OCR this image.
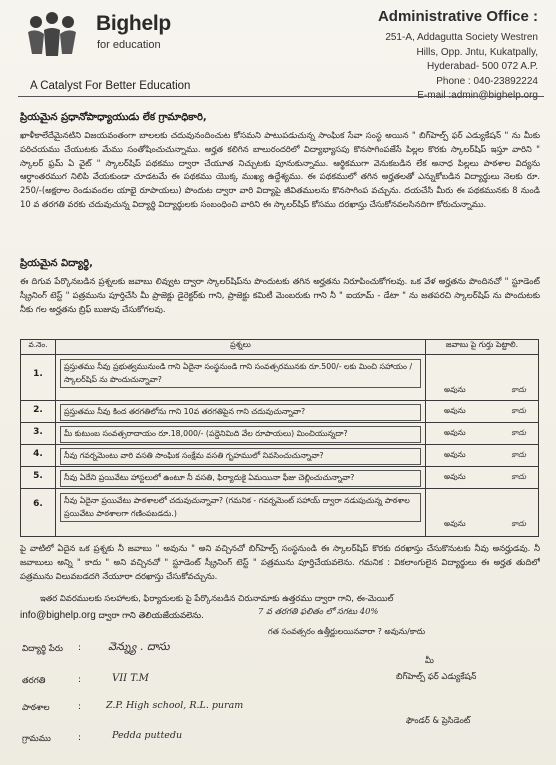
Bighelp
for education
A Catalyst For Better Education
Administrative Office :
251-A, Addagutta Society Westren
Hills, Opp. Jntu, Kukatpally,
Hyderabad- 500 072 A.P.
Phone : 040-23892224
E-mail :admin@bighelp.org
ప్రియమైన ప్రధానోపాధ్యాయుడు లేక గ్రామాధికారి,
ఖాళీకాలేదేమైనటిని విజయవంతంగా బాలలకు చదువునందించుట కోసమని పాటుపడుచున్న సాంఘిక సేవా సంస్థ అయిన " బిగ్‌హెల్ప్ ఫర్ ఎడ్యుకేషన్ " ను మీకు పరిచయము చేయుటకు మేము సంతోషించుచున్నాము. అర్హత కలిగిన బాలురందరిలో విద్యాభ్యాసపు కొనసాగింపజేసే పిల్లల కొరకు స్కాలర్‌షిప్ ఇస్తూ వారిని " స్కాలర్ ఫ్రమ్ ఏ వైట్ " స్కాలర్‌షిప్ పథకము ద్వారా చేయూత నిచ్చుటకు పూనుకున్నాము. ఆర్థికముగా వెనుకబడిన లేక అనాధ పిల్లలు పాఠశాల విద్యను ఆర్ధాంతరముగ నిలిపి వేయకుండా చూడటమే ఈ పథకము యొక్క ముఖ్య ఉద్దేశ్యము. ఈ పథకములో తగిన అర్హతలతో ఎన్నుకోబడిన విద్యార్థులు నెలకు రూ. 250/-(అక్షరాల రెండువందల యాభై రూపాయలు) పొందుట ద్వారా వారి విద్యాపై జీవితములను కొనసాగింప వచ్చును. దయచేసి మీరు ఈ పథకమునకు 8 నుండి 10 వ తరగతి వరకు చదువుచున్న విద్యార్థి విద్యార్థులకు సంబంధించి వారిని ఈ స్కాలర్‌షిప్ కోసము దరఖాస్తు చేసుకోనవలసినదిగా కోరుచున్నాము.
ప్రియమైన విద్యార్థి,
ఈ దిగువ పేర్కొనబడిన ప్రశ్నలకు జవాబు లివ్వుట ద్వారా స్కాలర్‌షిప్‌ను పొందుటకు తగిన అర్హతను నిరూపించుకోగలవు. ఒక వేళ అర్హతను పొందినచో " స్టూడెంట్ స్క్రీనింగ్ టెస్ట్ " పత్రమును పూర్తిచేసి మీ ప్రాజెక్టు డైరెక్టర్‌కు గాని, ప్రాజెక్టు కమిటీ మెంబరుకు గాని నీ " ఐయామ్ - డేటా " ను జతపరచి స్కాలర్‌షిప్ ను పొందుటకు నీకు గల అర్హతను బ్రిఫ్ బుజువు చేసుకోగలవు.
వ.నెం.	ప్రశ్నలు	జవాబు పై గుర్తు పెట్టాలి.
1.	ప్రస్తుతము నీవు ప్రభుత్వమునుండి గాని ఏదైనా సంస్థనుండి గాని సంవత్సరమునకు రూ.500/- లకు మించి సహాయం / స్కాలర్‌షిప్ ను పొందుచున్నావా?	అవును కాదు

2.	ప్రస్తుతము నీవు కింద తరగతిలోను గాని 10వ తరగతిపైన గాని చదువుచున్నావా?	అవును కాదు

3.	మీ కుటుంబ సంవత్సరాదాయం రూ.18,000/- (పద్దెనిమిది వేల రూపాయలు) మించియున్నదా?	అవును కాదు

4.	నీవు గవర్నమెంటు వారి వసతి సాంఘిక సంక్షేమ వసతి గృహములో నివసించుచున్నావా?	అవును కాదు

5.	నీవు ఏదేని ప్రయివేటు హాస్టలులో ఉంటూ నీ వసతి, ఫిర్యాదుకై ఏమయినా ఫీజు చెల్లించుచున్నావా?	అవును కాదు

6.	నీవు ఏదైనా ప్రయివేటు పాఠశాలలో చదువుచున్నావా? (గమనిక - గవర్నమెంట్ సహాయ్ ద్వారా నడుపుచున్న పాఠశాల ప్రయివేటు పాఠశాలగా గణింపబడదు.)	అవును కాదు
పై వాటిలో ఏదైన ఒక ప్రశ్నకు నీ జవాబు " అవును " అని వచ్చినచో బిగ్‌హెల్ప్ సంస్థనుండి ఈ స్కాలర్‌షిప్ కొరకు దరఖాస్తు చేసుకొనుటకు నీవు అనర్హుడవు. నీ జవాబులు అన్ని " కాదు " అని వచ్చినచో " స్టూడెంట్ స్క్రీనింగ్ టెస్ట్ " పత్రమును పూర్తిచేయవలెను. గమనిక : వికలాంగులైన విద్యార్థులు ఈ అర్హత తుదిలో పత్రమును విలువబడదగి నేయూరా దరఖాస్తు చేసుకోవచ్చును.
ఇతర వివరములకు సలహాలకు, ఫిర్యాదులకు పై పేర్కొనబడిన చిరునామాకు ఉత్తరము ద్వారా గాని, ఈ-మెయిల్
info@bighelp.org ద్వారా గాని తెలియజేయవలెను.	7 వ తరగతి ఫలితం లో సగటు 40%
గత సంవత్సరం ఉత్తీర్ణులయినవారా ? అవును/కాదు
విద్యార్థి పేరు : వెన్న్యు . దాసు
తరగతి	:	VII T.M
పాఠశాల	:	Z.P. High school, R.L. puram
గ్రామము	:	Pedda puttedu
మీ
బిగ్‌హెల్ప్ ఫర్ ఎడ్యుకేషన్
ఫౌండర్ & ప్రెసిడెంట్
